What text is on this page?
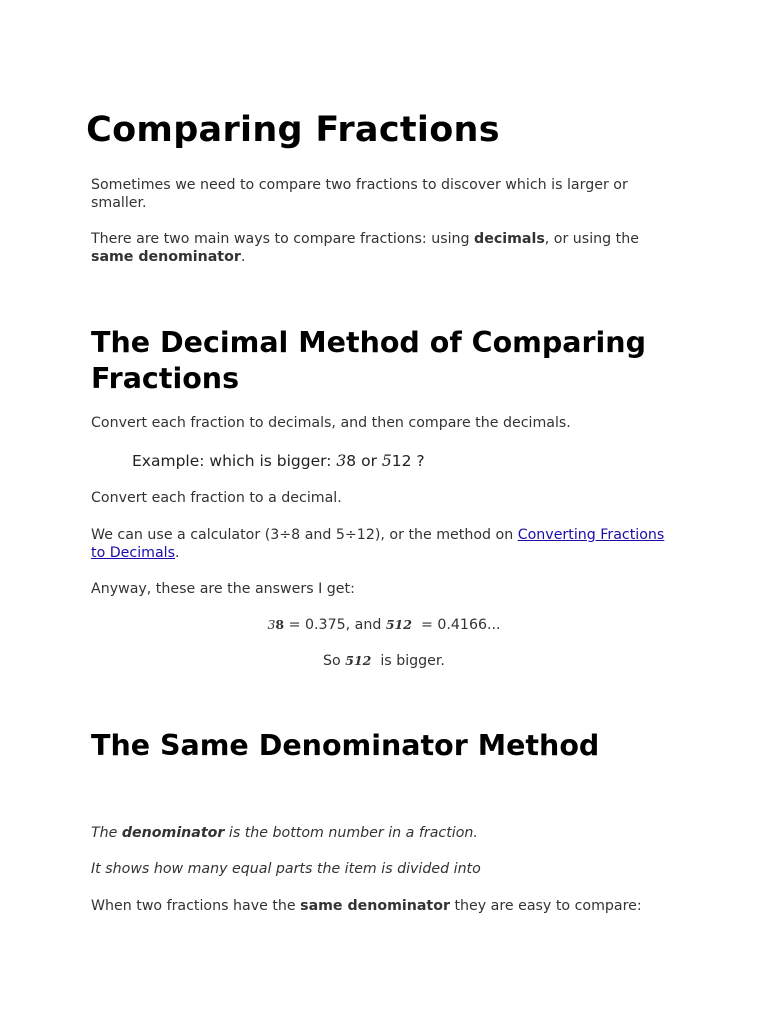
Comparing Fractions

Sometimes we need to compare two fractions to discover which is larger or smaller.

There are two main ways to compare fractions: using decimals, or using the same denominator.

The Decimal Method of Comparing Fractions

Convert each fraction to decimals, and then compare the decimals.

Example: which is bigger: 38 or 512 ?

Convert each fraction to a decimal.

We can use a calculator (3÷8 and 5÷12), or the method on Converting Fractions to Decimals.

Anyway, these are the answers I get:

38 = 0.375, and 512  = 0.4166...

So 512  is bigger.

The Same Denominator Method

The denominator is the bottom number in a fraction.

It shows how many equal parts the item is divided into

When two fractions have the same denominator they are easy to compare:
